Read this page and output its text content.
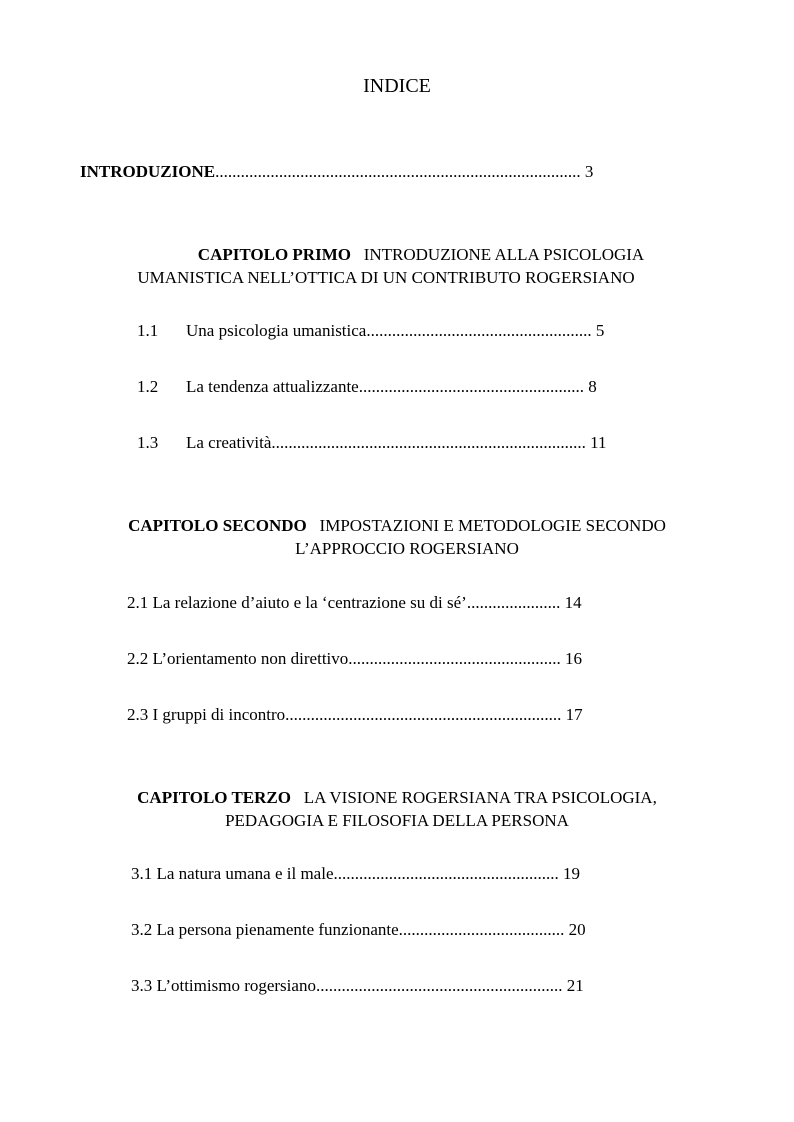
INDICE
INTRODUZIONE...................................................................................... 3
CAPITOLO PRIMO INTRODUZIONE ALLA PSICOLOGIA
UMANISTICA NELL’OTTICA DI UN CONTRIBUTO ROGERSIANO
1.1 Una psicologia umanistica..................................................... 5
1.2 La tendenza attualizzante..................................................... 8
1.3 La creatività.......................................................................... 11
CAPITOLO SECONDO IMPOSTAZIONI E METODOLOGIE SECONDO
L’APPROCCIO ROGERSIANO
2.1 La relazione d’aiuto e la ‘centrazione su di sé’...................... 14
2.2 L’orientamento non direttivo.................................................. 16
2.3 I gruppi di incontro................................................................. 17
CAPITOLO TERZO LA VISIONE ROGERSIANA TRA PSICOLOGIA,
PEDAGOGIA E FILOSOFIA DELLA PERSONA
3.1 La natura umana e il male..................................................... 19
3.2 La persona pienamente funzionante....................................... 20
3.3 L’ottimismo rogersiano.......................................................... 21
